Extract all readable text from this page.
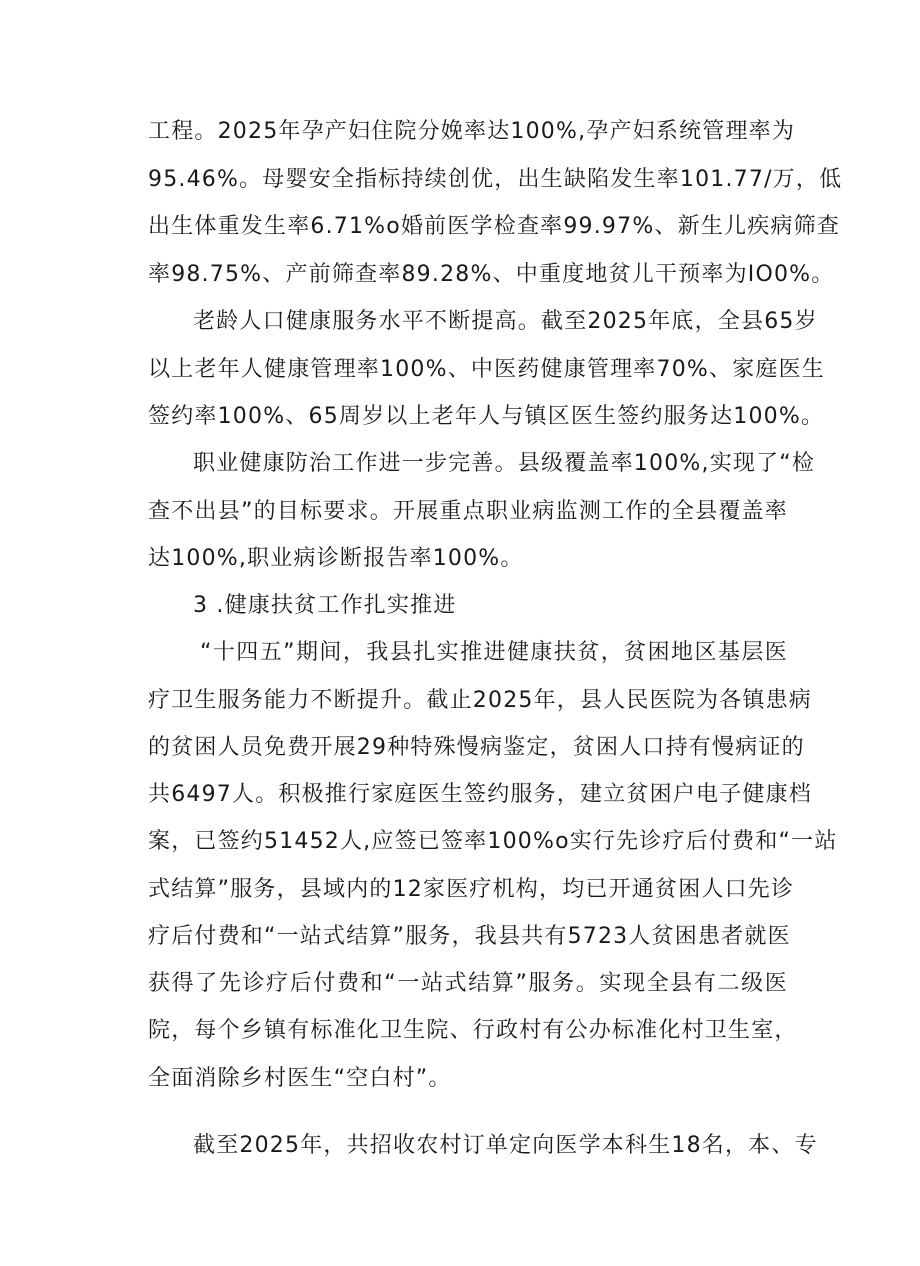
工程。2025年孕产妇住院分娩率达100%,孕产妇系统管理率为
95.46%。母婴安全指标持续创优，出生缺陷发生率101.77/万，低
出生体重发生率6.71%o婚前医学检查率99.97%、新生儿疾病筛查
率98.75%、产前筛查率89.28%、中重度地贫儿干预率为IO0%。
老龄人口健康服务水平不断提高。截至2025年底，全县65岁
以上老年人健康管理率100%、中医药健康管理率70%、家庭医生
签约率100%、65周岁以上老年人与镇区医生签约服务达100%。
职业健康防治工作进一步完善。县级覆盖率100%,实现了“检
查不出县”的目标要求。开展重点职业病监测工作的全县覆盖率
达100%,职业病诊断报告率100%。
3 .健康扶贫工作扎实推进
“十四五”期间，我县扎实推进健康扶贫，贫困地区基层医
疗卫生服务能力不断提升。截止2025年，县人民医院为各镇患病
的贫困人员免费开展29种特殊慢病鉴定，贫困人口持有慢病证的
共6497人。积极推行家庭医生签约服务，建立贫困户电子健康档
案，已签约51452人,应签已签率100%o实行先诊疗后付费和“一站
式结算”服务，县域内的12家医疗机构，均已开通贫困人口先诊
疗后付费和“一站式结算”服务，我县共有5723人贫困患者就医
获得了先诊疗后付费和“一站式结算”服务。实现全县有二级医
院，每个乡镇有标准化卫生院、行政村有公办标准化村卫生室，
全面消除乡村医生“空白村”。
截至2025年，共招收农村订单定向医学本科生18名，本、专
